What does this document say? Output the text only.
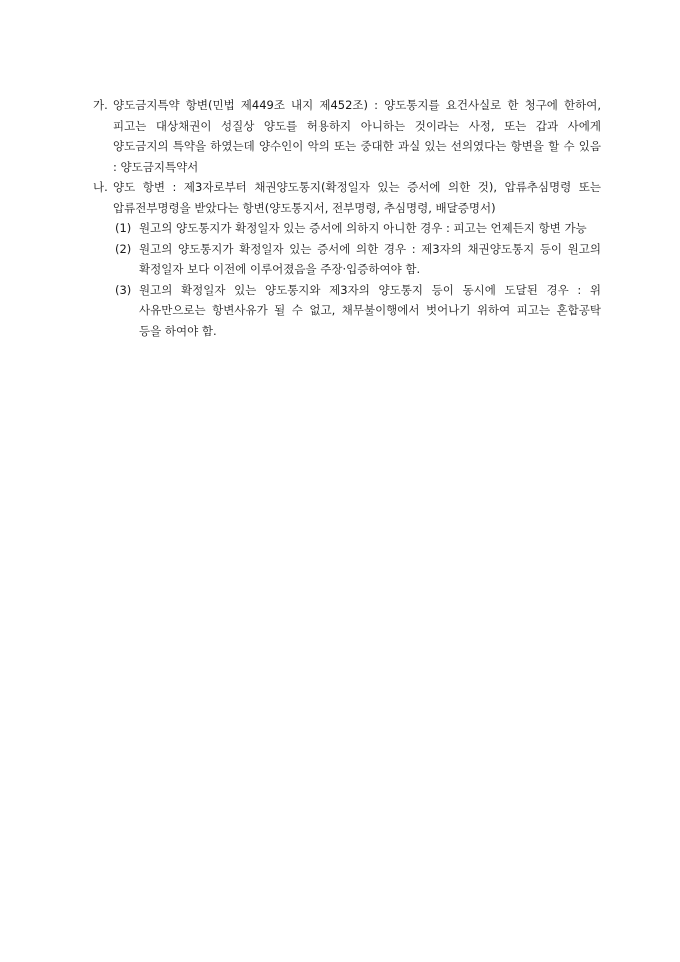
가. 양도금지특약 항변(민법 제449조 내지 제452조) : 양도통지를 요건사실로 한 청구에 한하여, 피고는 대상채권이 성질상 양도를 허용하지 아니하는 것이라는 사정, 또는 갑과 사에게 양도금지의 특약을 하였는데 양수인이 악의 또는 중대한 과실 있는 선의였다는 항변을 할 수 있음 : 양도금지특약서
나. 양도 항변 : 제3자로부터 채권양도통지(확정일자 있는 증서에 의한 것), 압류추심명령 또는 압류전부명령을 받았다는 항변(양도통지서, 전부명령, 추심명령, 배달증명서)
(1) 원고의 양도통지가 확정일자 있는 증서에 의하지 아니한 경우 : 피고는 언제든지 항변 가능
(2) 원고의 양도통지가 확정일자 있는 증서에 의한 경우 : 제3자의 채권양도통지 등이 원고의 확정일자 보다 이전에 이루어졌음을 주장·입증하여야 함.
(3) 원고의 확정일자 있는 양도통지와 제3자의 양도통지 등이 동시에 도달된 경우 : 위 사유만으로는 항변사유가 될 수 없고, 채무불이행에서 벗어나기 위하여 피고는 혼합공탁 등을 하여야 함.
